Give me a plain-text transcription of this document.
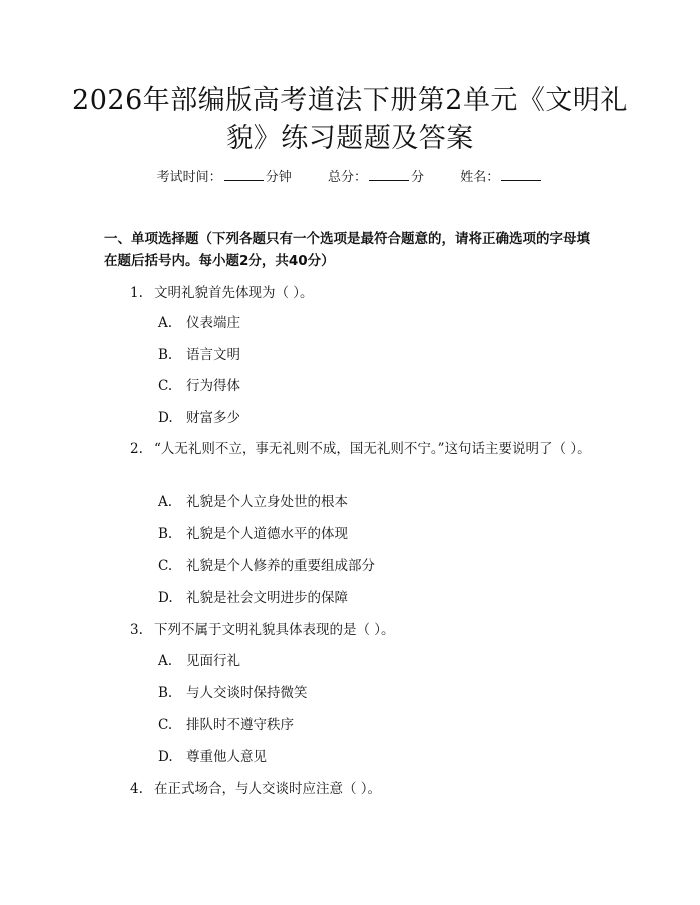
2026年部编版高考道法下册第2单元《文明礼貌》练习题题及答案
考试时间：	分钟	总分：	分	姓名：
一、单项选择题（下列各题只有一个选项是最符合题意的，请将正确选项的字母填在题后括号内。每小题2分，共40分）
1. 文明礼貌首先体现为（ ）。
A. 仪表端庄
B. 语言文明
C. 行为得体
D. 财富多少
2. “人无礼则不立，事无礼则不成，国无礼则不宁。”这句话主要说明了（ ）。
A. 礼貌是个人立身处世的根本
B. 礼貌是个人道德水平的体现
C. 礼貌是个人修养的重要组成部分
D. 礼貌是社会文明进步的保障
3. 下列不属于文明礼貌具体表现的是（ ）。
A. 见面行礼
B. 与人交谈时保持微笑
C. 排队时不遵守秩序
D. 尊重他人意见
4. 在正式场合，与人交谈时应注意（ ）。
